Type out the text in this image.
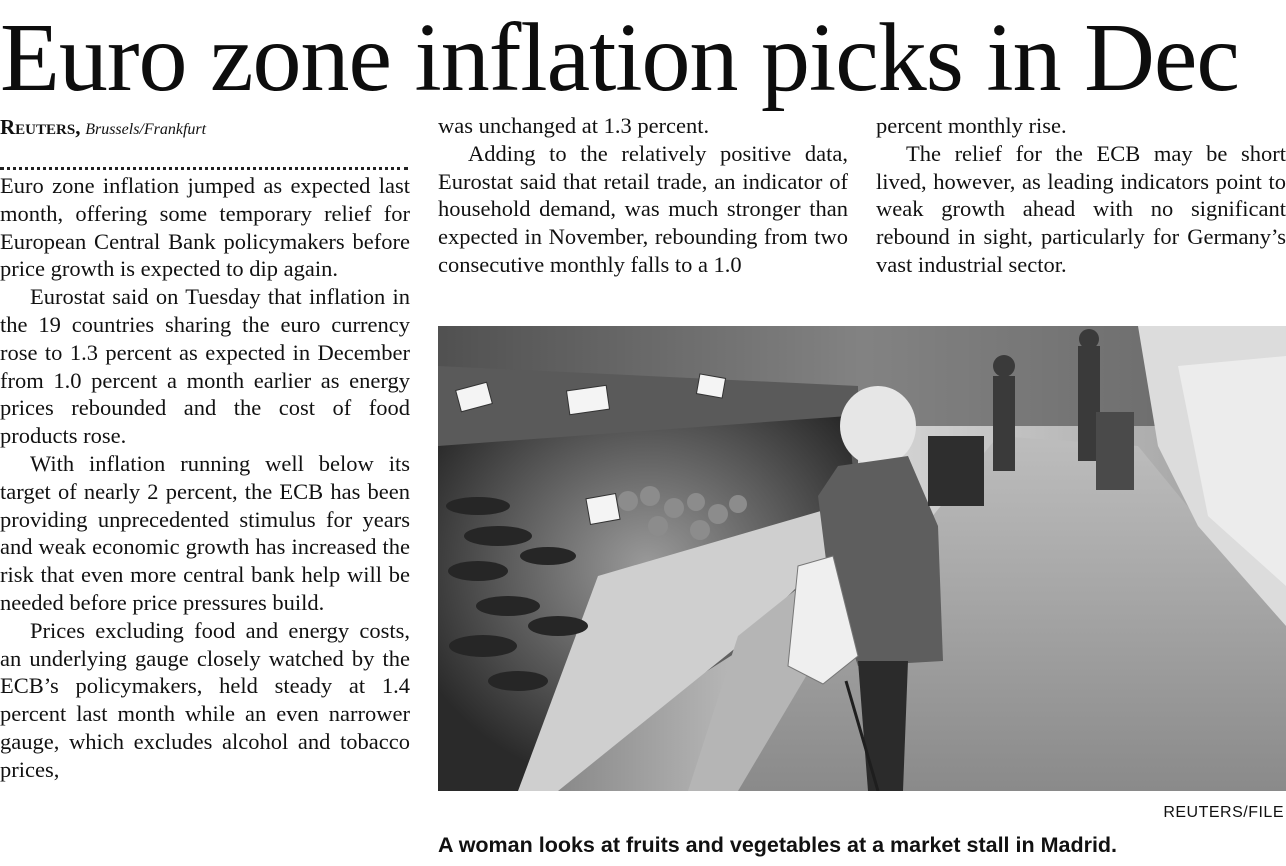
Euro zone inflation picks in Dec
Reuters, Brussels/Frankfurt

Euro zone inflation jumped as expected last month, offering some temporary relief for European Central Bank policymakers before price growth is expected to dip again.

Eurostat said on Tuesday that inflation in the 19 countries sharing the euro currency rose to 1.3 percent as expected in December from 1.0 percent a month earlier as energy prices rebounded and the cost of food products rose.

With inflation running well below its target of nearly 2 percent, the ECB has been providing unprecedented stimulus for years and weak economic growth has increased the risk that even more central bank help will be needed before price pressures build.

Prices excluding food and energy costs, an underlying gauge closely watched by the ECB’s policymakers, held steady at 1.4 percent last month while an even narrower gauge, which excludes alcohol and tobacco prices,

was unchanged at 1.3 percent.

Adding to the relatively positive data, Eurostat said that retail trade, an indicator of household demand, was much stronger than expected in November, rebounding from two consecutive monthly falls to a 1.0

percent monthly rise.

The relief for the ECB may be short lived, however, as leading indicators point to weak growth ahead with no significant rebound in sight, particularly for Germany’s vast industrial sector.

REUTERS/FILE
A woman looks at fruits and vegetables at a market stall in Madrid.
